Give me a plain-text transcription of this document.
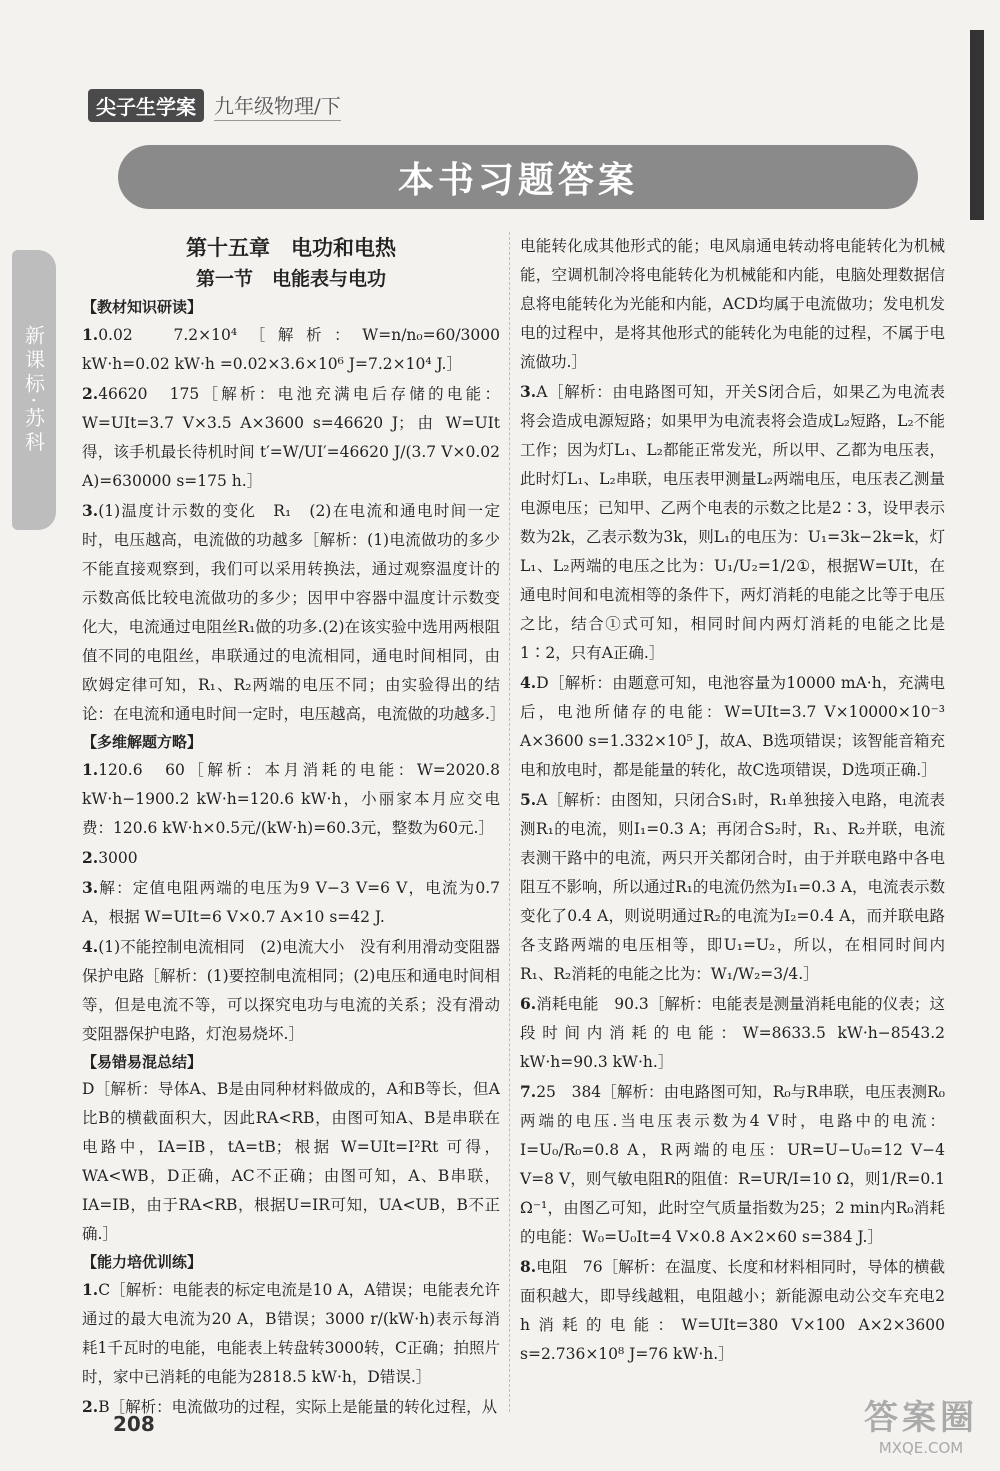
尖子生学案 九年级物理/下
本书习题答案
新课标·苏科
第十五章　电功和电热
第一节　电能表与电功
【教材知识研读】
1.0.02　7.2×10⁴［解析：W=n/n₀=60/3000 kW·h=0.02 kW·h =0.02×3.6×10⁶ J=7.2×10⁴ J.］
2.46620　175［解析：电池充满电后存储的电能：W=UIt=3.7 V×3.5 A×3600 s=46620 J；由 W=UIt 得，该手机最长待机时间 t′=W/UI′=46620 J/(3.7 V×0.02 A)=630000 s=175 h.］
3.(1)温度计示数的变化　R₁　(2)在电流和通电时间一定时，电压越高，电流做的功越多［解析：(1)电流做功的多少不能直接观察到，我们可以采用转换法，通过观察温度计的示数高低比较电流做功的多少；因甲中容器中温度计示数变化大，电流通过电阻丝R₁做的功多.(2)在该实验中选用两根阻值不同的电阻丝，串联通过的电流相同，通电时间相同，由欧姆定律可知，R₁、R₂两端的电压不同；由实验得出的结论：在电流和通电时间一定时，电压越高，电流做的功越多.］
【多维解题方略】
1.120.6　60［解析：本月消耗的电能：W=2020.8 kW·h−1900.2 kW·h=120.6 kW·h，小丽家本月应交电费：120.6 kW·h×0.5元/(kW·h)=60.3元，整数为60元.］
2.3000
3.解：定值电阻两端的电压为9 V−3 V=6 V，电流为0.7 A，根据 W=UIt=6 V×0.7 A×10 s=42 J.
4.(1)不能控制电流相同　(2)电流大小　没有利用滑动变阻器保护电路［解析：(1)要控制电流相同；(2)电压和通电时间相等，但是电流不等，可以探究电功与电流的关系；没有滑动变阻器保护电路，灯泡易烧坏.］
【易错易混总结】
D［解析：导体A、B是由同种材料做成的，A和B等长，但A比B的横截面积大，因此RA<RB，由图可知A、B是串联在电路中，IA=IB，tA=tB；根据 W=UIt=I²Rt 可得，WA<WB，D正确，AC不正确；由图可知，A、B串联，IA=IB，由于RA<RB，根据U=IR可知，UA<UB，B不正确.］
【能力培优训练】
1.C［解析：电能表的标定电流是10 A，A错误；电能表允许通过的最大电流为20 A，B错误；3000 r/(kW·h)表示每消耗1千瓦时的电能，电能表上转盘转3000转，C正确；拍照片时，家中已消耗的电能为2818.5 kW·h，D错误.］
2.B［解析：电流做功的过程，实际上是能量的转化过程，从
电能转化成其他形式的能；电风扇通电转动将电能转化为机械能，空调机制冷将电能转化为机械能和内能，电脑处理数据信息将电能转化为光能和内能，ACD均属于电流做功；发电机发电的过程中，是将其他形式的能转化为电能的过程，不属于电流做功.］
3.A［解析：由电路图可知，开关S闭合后，如果乙为电流表将会造成电源短路；如果甲为电流表将会造成L₂短路，L₂不能工作；因为灯L₁、L₂都能正常发光，所以甲、乙都为电压表，此时灯L₁、L₂串联，电压表甲测量L₂两端电压，电压表乙测量电源电压；已知甲、乙两个电表的示数之比是2∶3，设甲表示数为2k，乙表示数为3k，则L₁的电压为：U₁=3k−2k=k，灯L₁、L₂两端的电压之比为：U₁/U₂=1/2①，根据W=UIt，在通电时间和电流相等的条件下，两灯消耗的电能之比等于电压之比，结合①式可知，相同时间内两灯消耗的电能之比是1∶2，只有A正确.］
4.D［解析：由题意可知，电池容量为10000 mA·h，充满电后，电池所储存的电能：W=UIt=3.7 V×10000×10⁻³ A×3600 s=1.332×10⁵ J，故A、B选项错误；该智能音箱充电和放电时，都是能量的转化，故C选项错误，D选项正确.］
5.A［解析：由图知，只闭合S₁时，R₁单独接入电路，电流表测R₁的电流，则I₁=0.3 A；再闭合S₂时，R₁、R₂并联，电流表测干路中的电流，两只开关都闭合时，由于并联电路中各电阻互不影响，所以通过R₁的电流仍然为I₁=0.3 A，电流表示数变化了0.4 A，则说明通过R₂的电流为I₂=0.4 A，而并联电路各支路两端的电压相等，即U₁=U₂，所以，在相同时间内R₁、R₂消耗的电能之比为：W₁/W₂=3/4.］
6.消耗电能　90.3［解析：电能表是测量消耗电能的仪表；这段时间内消耗的电能：W=8633.5 kW·h−8543.2 kW·h=90.3 kW·h.］
7.25　384［解析：由电路图可知，R₀与R串联，电压表测R₀两端的电压.当电压表示数为4 V时，电路中的电流：I=U₀/R₀=0.8 A，R两端的电压：UR=U−U₀=12 V−4 V=8 V，则气敏电阻R的阻值：R=UR/I=10 Ω，则1/R=0.1 Ω⁻¹，由图乙可知，此时空气质量指数为25；2 min内R₀消耗的电能：W₀=U₀It=4 V×0.8 A×2×60 s=384 J.］
8.电阻　76［解析：在温度、长度和材料相同时，导体的横截面积越大，即导线越粗，电阻越小；新能源电动公交车充电2 h消耗的电能：W=UIt=380 V×100 A×2×3600 s=2.736×10⁸ J=76 kW·h.］
208	答案圈
MXQE.COM
